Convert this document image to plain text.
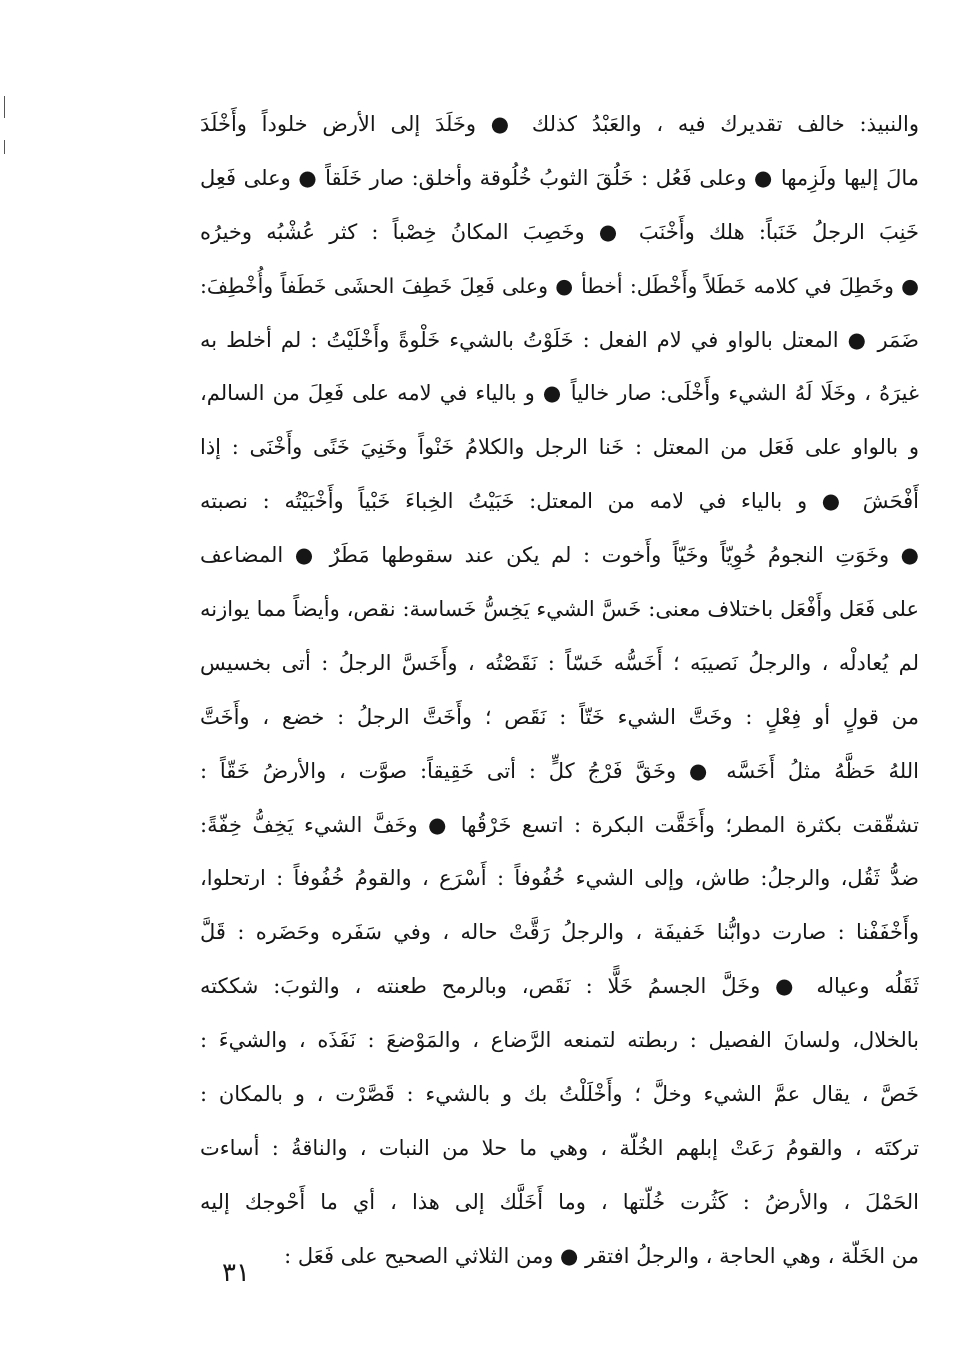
والنبيذ: خالف تقديرك فيه ، والعَبْدُ كذلك ● وخَلَدَ إلى الأرض خلوداً وأَخْلَدَ
مالَ إليها ولَزِمها ● وعلى فَعُل : خَلُقَ الثوبُ خُلُوقة وأخلق: صار خَلَقاً ● وعلى فَعِل
خَنِبَ الرجلُ خَنَباً: هلك وأَخْنَبَ ● وخَصِبَ المكانُ خِصْباً : كثر عُشْبُه وخيرُه
● وخَطِلَ في كلامه خَطَلاً وأَخْطَل: أخطأ ● وعلى فَعِلَ خَطِفَ الحشَى خَطَفاً وأُخْطِفَ:
ضَمَر ● المعتل بالواو في لام الفعل : خَلَوْتُ بالشيء خَلْوةً وأَخْلَيْتُ : لم أخلط به
غيرَهُ ، وخَلَا لَهُ الشيء وأَخْلَى: صار خالياً ● و بالياء في لامه على فَعِلَ من السالم،
و بالواو على فَعَل من المعتل : خَنا الرجل والكلامُ خَنْواً وخَنِيَ خَنًى وأَخْنَى : إذا
أَفْحَشَ ● و بالياء في لامه من المعتل: خَبَيْتُ الخِباءَ خَبْياً وأَخْبَيْتُه : نصبته
● وخَوَتِ النجومُ خُوِيّاً وخَيّاً وأَخوت : لم يكن عند سقوطها مَطَرٌ ● المضاعف
على فَعَل وأَفْعَل باختلاف معنى: خَسَّ الشيء يَخِسُّ خَساسة: نقص، وأيضاً مما يوازنه
لم يُعادلْه ، والرجلُ نَصيبَه ؛ أَخَسُّه خَسّاً : نَقَصْتُه ، وأَخَسَّ الرجلُ : أتى بخسيس
من قولٍ أو فِعْلٍ : وخَتَّ الشيء خَتّاً : نَقَص ؛ وأَخَتَّ الرجلُ : خضع ، وأَخَتَّ
اللهُ حَظَّهُ مثلُ أَخَسَّه ● وخَقَّ فَرْجُ كلٍّ : أتى خَقِيقاً: صوَّت ، والأرضُ خَقّاً :
تشقّقت بكثرة المطر؛ وأَخَقَّت البكرة : اتسع خَرْقُها ● وخَفَّ الشيء يَخِفُّ خِفّةً:
ضدُّ ثَقُل، والرجلُ: طاش، وإلى الشيء خُفُوفاً : أَسْرَع ، والقومُ خُفُوفاً : ارتحلوا،
وأَخْفَفْنا : صارت دوابُّنا خَفيفَة ، والرجلُ رَقَّتْ حاله ، وفي سَفَره وحَضَره : قَلَّ
ثَقَلُه وعياله ● وخَلَّ الجسمُ خَلًّا : نَقَص، وبالرمح طعنته ، والثوبَ: شككته
بالخلال، ولسانَ الفصيل : ربطته لتمنعه الرَّضاع ، والمَوْضعَ : نَفَذَه ، والشيءَ :
خَصَّ ، يقال عمَّ الشيء وخلَّ ؛ وأَخْلَلْتُ بك و بالشيء : قَصَّرْت ، و بالمكان :
تركتَه ، والقومُ رَعَتْ إبلهم الخُلّة ، وهي ما حلا من النبات ، والناقةُ : أساءت
الحَمْلَ ، والأرضُ : كَثُرت خُلّتها ، وما أَخَلَّك إلى هذا ، أي ما أَحْوجك إليه
من الخَلّة ، وهي الحاجة ، والرجلُ افتقر ● ومن الثلاثي الصحيح على فَعَل :
٣١
